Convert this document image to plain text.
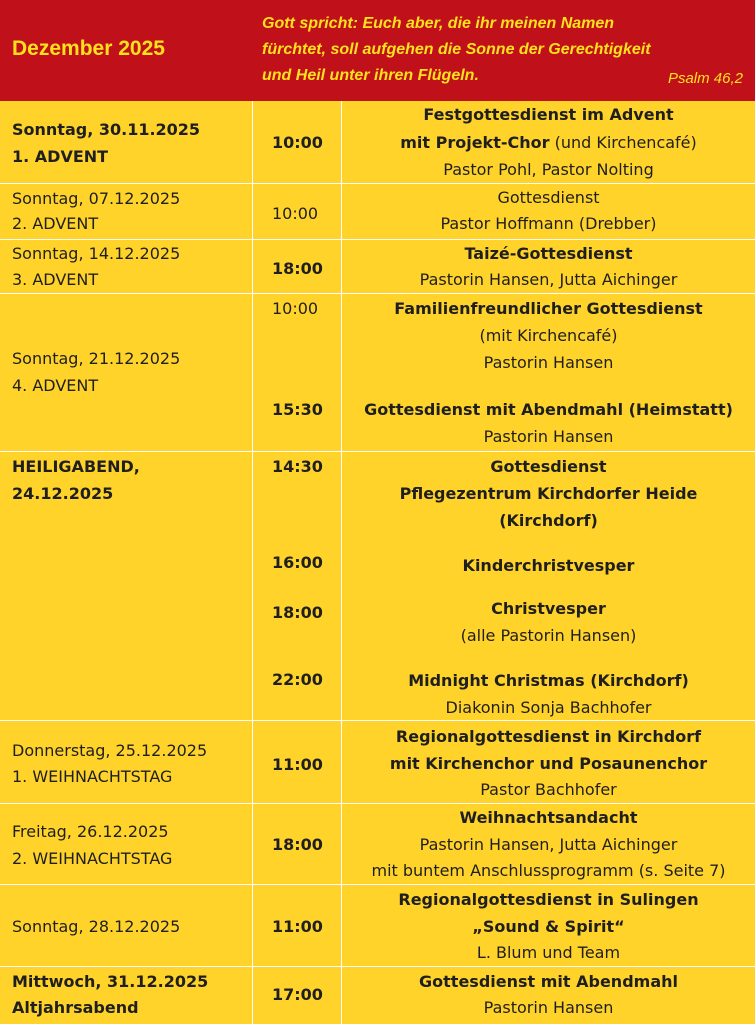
Dezember 2025
Gott spricht: Euch aber, die ihr meinen Namen
fürchtet, soll aufgehen die Sonne der Gerechtigkeit
und Heil unter ihren Flügeln.	Psalm 46,2
Sonntag, 30.11.2025
1. ADVENT
10:00
Festgottesdienst im Advent
mit Projekt-Chor (und Kirchencafé)
Pastor Pohl, Pastor Nolting
Sonntag, 07.12.2025
2. ADVENT
10:00
Gottesdienst
Pastor Hoffmann (Drebber)
Sonntag, 14.12.2025
3. ADVENT
18:00
Taizé-Gottesdienst
Pastorin Hansen, Jutta Aichinger
Sonntag, 21.12.2025
4. ADVENT
10:00
15:30
Familienfreundlicher Gottesdienst
(mit Kirchencafé)
Pastorin Hansen
Gottesdienst mit Abendmahl (Heimstatt)
Pastorin Hansen
HEILIGABEND,
24.12.2025
14:30
16:00
18:00
22:00
Gottesdienst
Pflegezentrum Kirchdorfer Heide
(Kirchdorf)
Kinderchristvesper
Christvesper
(alle Pastorin Hansen)
Midnight Christmas (Kirchdorf)
Diakonin Sonja Bachhofer
Donnerstag, 25.12.2025
1. WEIHNACHTSTAG
11:00
Regionalgottesdienst in Kirchdorf
mit Kirchenchor und Posaunenchor
Pastor Bachhofer
Freitag, 26.12.2025
2. WEIHNACHTSTAG
18:00
Weihnachtsandacht
Pastorin Hansen, Jutta Aichinger
mit buntem Anschlussprogramm (s. Seite 7)
Sonntag, 28.12.2025	11:00
Regionalgottesdienst in Sulingen
„Sound & Spirit“
L. Blum und Team
Mittwoch, 31.12.2025
Altjahrsabend
17:00
Gottesdienst mit Abendmahl
Pastorin Hansen
